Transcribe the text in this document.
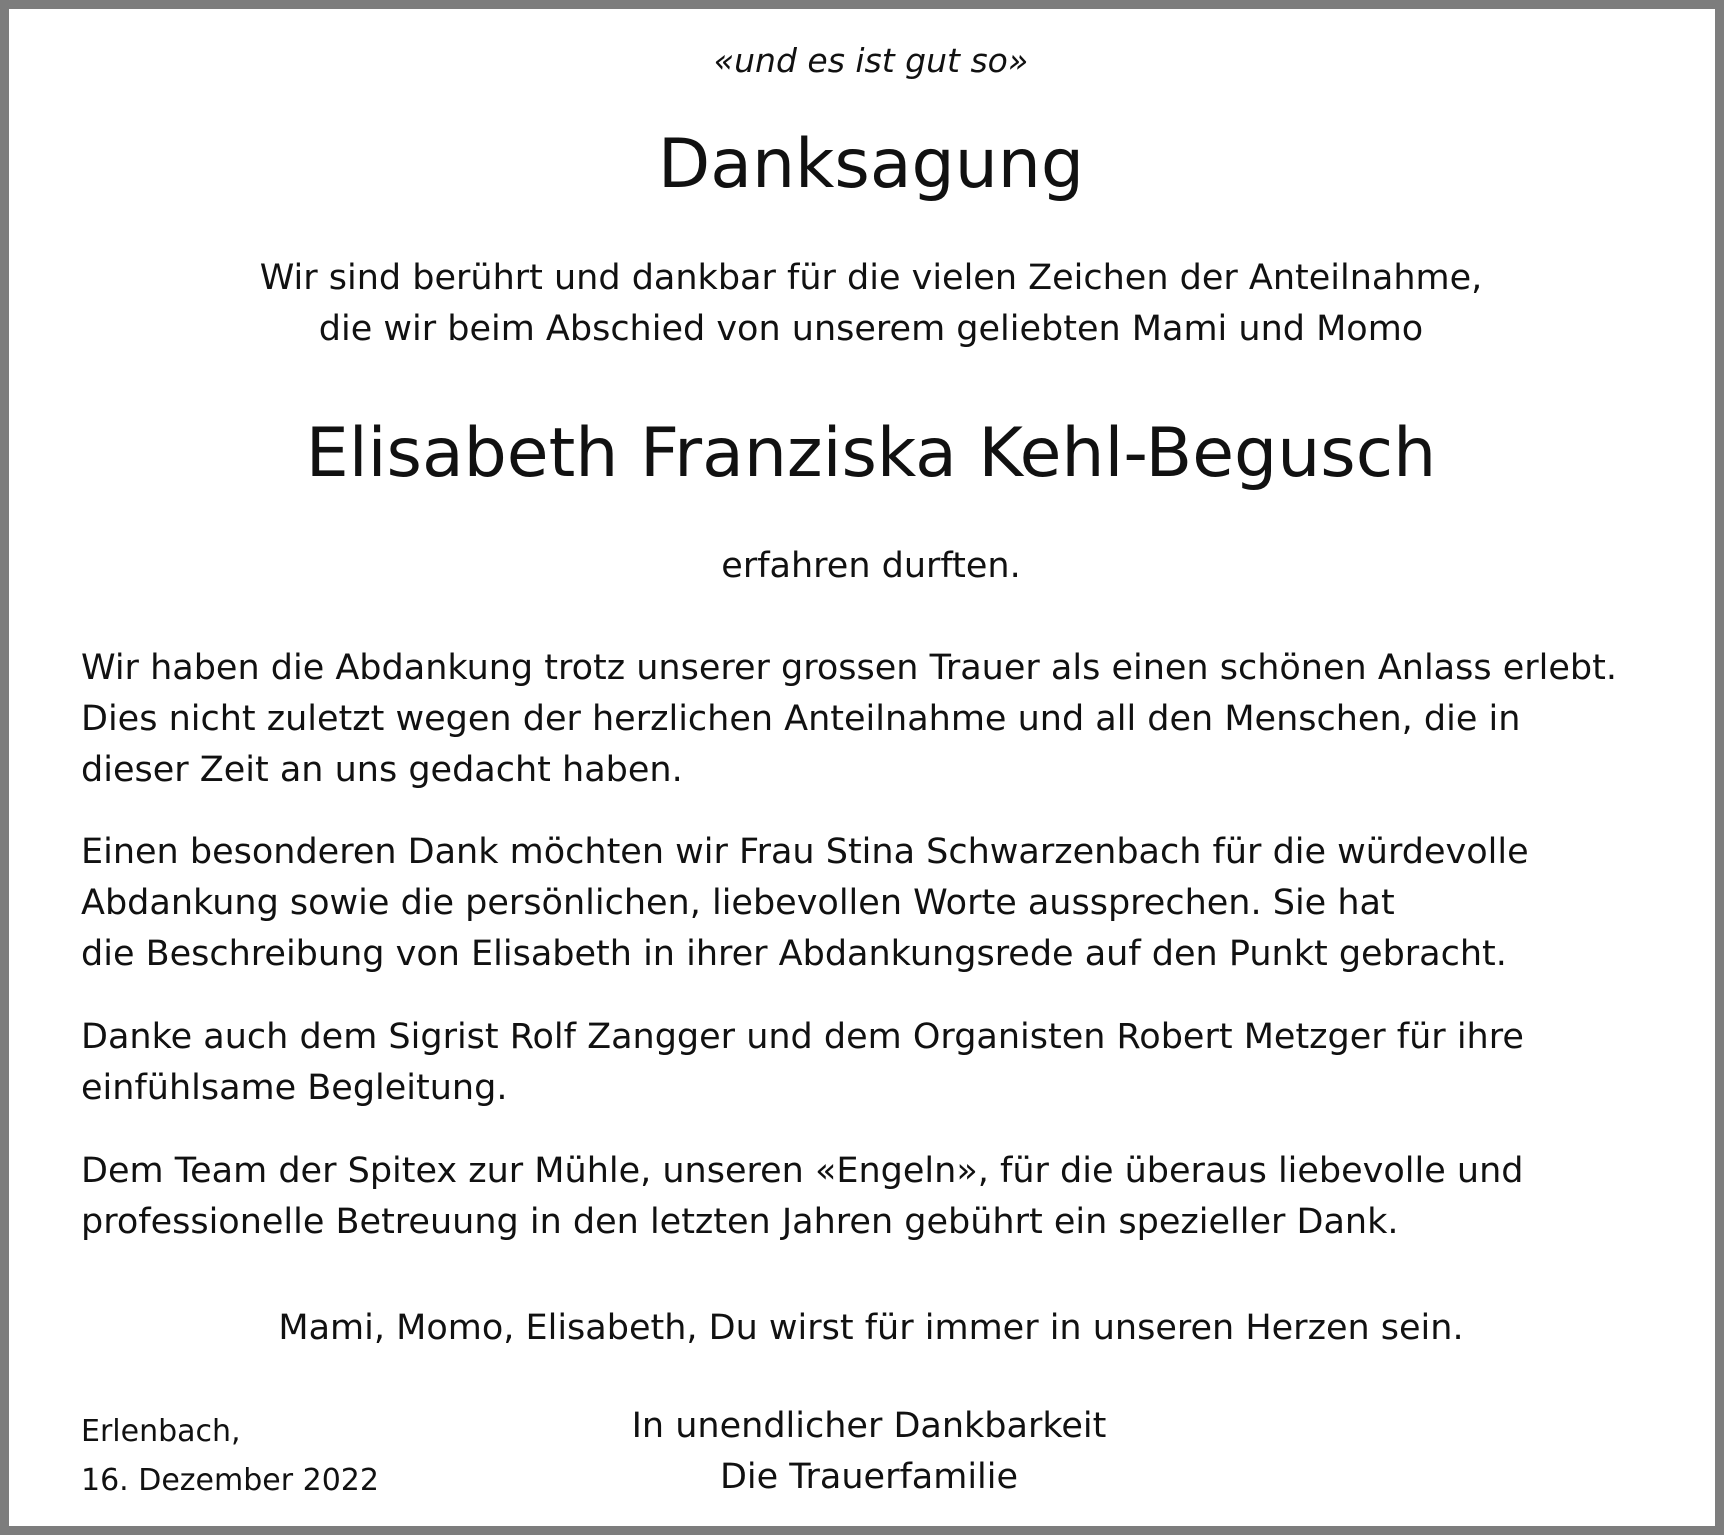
«und es ist gut so»

Danksagung

Wir sind berührt und dankbar für die vielen Zeichen der Anteilnahme,
die wir beim Abschied von unserem geliebten Mami und Momo

Elisabeth Franziska Kehl-Begusch

erfahren durften.

Wir haben die Abdankung trotz unserer grossen Trauer als einen schönen Anlass erlebt.
Dies nicht zuletzt wegen der herzlichen Anteilnahme und all den Menschen, die in
dieser Zeit an uns gedacht haben.

Einen besonderen Dank möchten wir Frau Stina Schwarzenbach für die würdevolle
Abdankung sowie die persönlichen, liebevollen Worte aussprechen. Sie hat
die Beschreibung von Elisabeth in ihrer Abdankungsrede auf den Punkt gebracht.

Danke auch dem Sigrist Rolf Zangger und dem Organisten Robert Metzger für ihre
einfühlsame Begleitung.

Dem Team der Spitex zur Mühle, unseren «Engeln», für die überaus liebevolle und
professionelle Betreuung in den letzten Jahren gebührt ein spezieller Dank.

Mami, Momo, Elisabeth, Du wirst für immer in unseren Herzen sein.

Erlenbach,
16. Dezember 2022
In unendlicher Dankbarkeit
Die Trauerfamilie
